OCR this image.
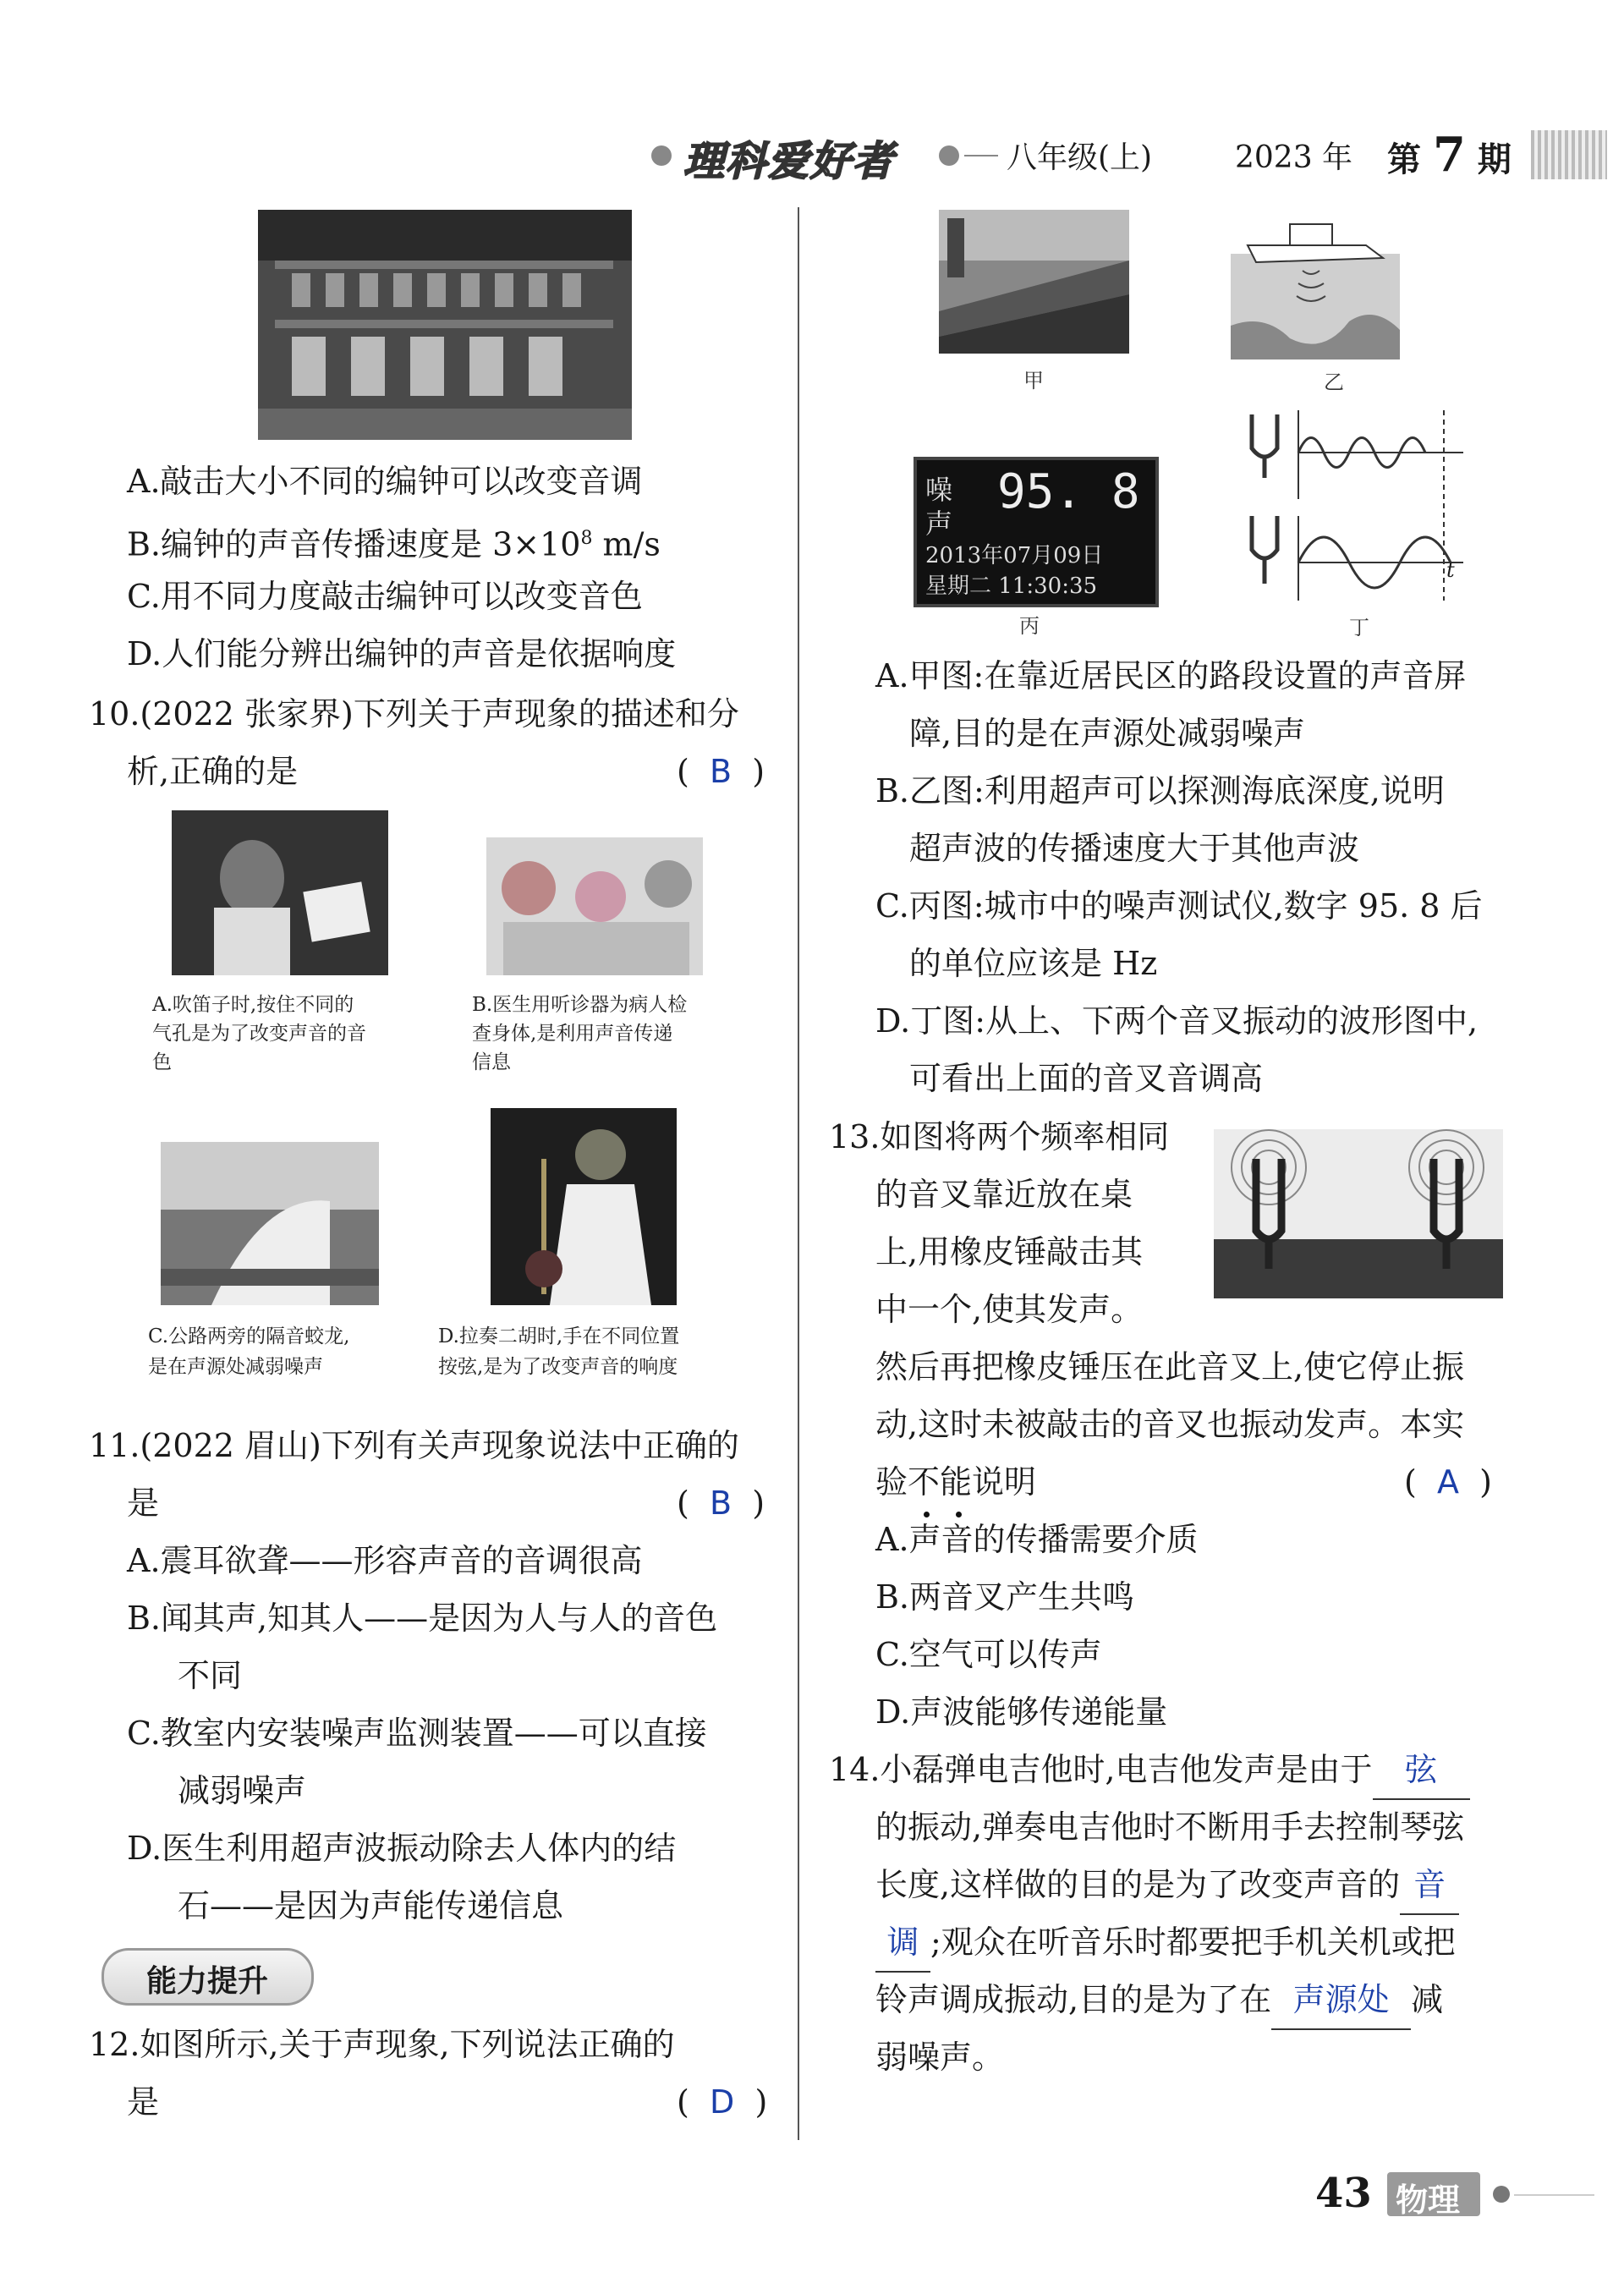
理科爱好者	八年级(上)	2023 年 第 7 期
A.敲击大小不同的编钟可以改变音调
B.编钟的声音传播速度是 $3\times 10^8$ m/s
C.用不同力度敲击编钟可以改变音色
D.人们能分辨出编钟的声音是依据响度
10.(2022 张家界)下列关于声现象的描述和分
析,正确的是	( B )
A.吹笛子时,按住不同的
气孔是为了改变声音的音
色
B.医生用听诊器为病人检
查身体,是利用声音传递
信息
C.公路两旁的隔音蛟龙,
是在声源处减弱噪声
D.拉奏二胡时,手在不同位置
按弦,是为了改变声音的响度
11.(2022 眉山)下列有关声现象说法中正确的
是	( B )
A.震耳欲聋——形容声音的音调很高
B.闻其声,知其人——是因为人与人的音色
不同
C.教室内安装噪声监测装置——可以直接
减弱噪声
D.医生利用超声波振动除去人体内的结
石——是因为声能传递信息
能力提升
12.如图所示,关于声现象,下列说法正确的
是	( D )
甲	乙
噪
声
95. 8
2013年07月09日
星期二 11:30:35
丙
t
丁
A.甲图:在靠近居民区的路段设置的声音屏
障,目的是在声源处减弱噪声
B.乙图:利用超声可以探测海底深度,说明
超声波的传播速度大于其他声波
C.丙图:城市中的噪声测试仪,数字 95. 8 后
的单位应该是 Hz
D.丁图:从上、下两个音叉振动的波形图中,
可看出上面的音叉音调高
13.如图将两个频率相同
的音叉靠近放在桌
上,用橡皮锤敲击其
中一个,使其发声。
然后再把橡皮锤压在此音叉上,使它停止振
动,这时未被敲击的音叉也振动发声。本实
验不能说明	( A )
A.声音的传播需要介质
B.两音叉产生共鸣
C.空气可以传声
D.声波能够传递能量
14.小磊弹电吉他时,电吉他发声是由于 弦
的振动,弹奏电吉他时不断用手去控制琴弦
长度,这样做的目的是为了改变声音的 音
调 ;观众在听音乐时都要把手机关机或把
铃声调成振动,目的是为了在 声源处 减
弱噪声。
43 物理
